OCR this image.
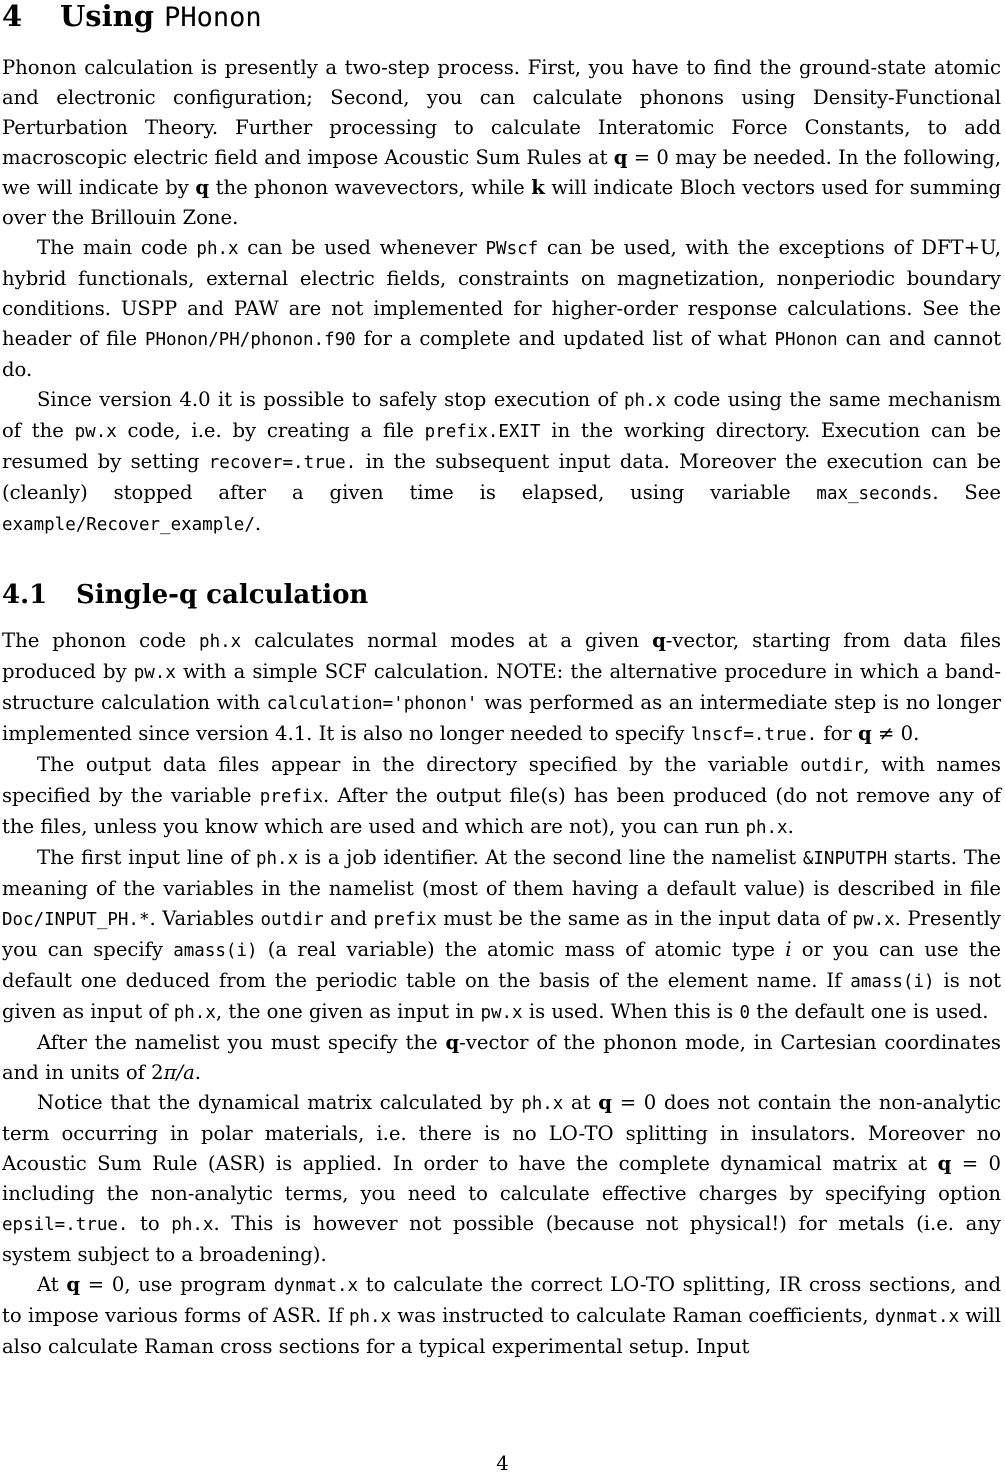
4 Using PHonon

Phonon calculation is presently a two-step process. First, you have to find the ground-state atomic and electronic configuration; Second, you can calculate phonons using Density-Functional Perturbation Theory. Further processing to calculate Interatomic Force Constants, to add macroscopic electric field and impose Acoustic Sum Rules at q = 0 may be needed. In the following, we will indicate by q the phonon wavevectors, while k will indicate Bloch vectors used for summing over the Brillouin Zone.

The main code ph.x can be used whenever PWscf can be used, with the exceptions of DFT+U, hybrid functionals, external electric fields, constraints on magnetization, nonperiodic boundary conditions. USPP and PAW are not implemented for higher-order response calculations. See the header of file PHonon/PH/phonon.f90 for a complete and updated list of what PHonon can and cannot do.

Since version 4.0 it is possible to safely stop execution of ph.x code using the same mechanism of the pw.x code, i.e. by creating a file prefix.EXIT in the working directory. Execution can be resumed by setting recover=.true. in the subsequent input data. Moreover the execution can be (cleanly) stopped after a given time is elapsed, using variable max_seconds. See example/Recover_example/.

4.1 Single-q calculation

The phonon code ph.x calculates normal modes at a given q-vector, starting from data files produced by pw.x with a simple SCF calculation. NOTE: the alternative procedure in which a band-structure calculation with calculation='phonon' was performed as an intermediate step is no longer implemented since version 4.1. It is also no longer needed to specify lnscf=.true. for q ≠ 0.

The output data files appear in the directory specified by the variable outdir, with names specified by the variable prefix. After the output file(s) has been produced (do not remove any of the files, unless you know which are used and which are not), you can run ph.x.

The first input line of ph.x is a job identifier. At the second line the namelist &INPUTPH starts. The meaning of the variables in the namelist (most of them having a default value) is described in file Doc/INPUT_PH.*. Variables outdir and prefix must be the same as in the input data of pw.x. Presently you can specify amass(i) (a real variable) the atomic mass of atomic type i or you can use the default one deduced from the periodic table on the basis of the element name. If amass(i) is not given as input of ph.x, the one given as input in pw.x is used. When this is 0 the default one is used.

After the namelist you must specify the q-vector of the phonon mode, in Cartesian coordinates and in units of 2π/a.

Notice that the dynamical matrix calculated by ph.x at q = 0 does not contain the non-analytic term occurring in polar materials, i.e. there is no LO-TO splitting in insulators. Moreover no Acoustic Sum Rule (ASR) is applied. In order to have the complete dynamical matrix at q = 0 including the non-analytic terms, you need to calculate effective charges by specifying option epsil=.true. to ph.x. This is however not possible (because not physical!) for metals (i.e. any system subject to a broadening).

At q = 0, use program dynmat.x to calculate the correct LO-TO splitting, IR cross sections, and to impose various forms of ASR. If ph.x was instructed to calculate Raman coefficients, dynmat.x will also calculate Raman cross sections for a typical experimental setup. Input

4
